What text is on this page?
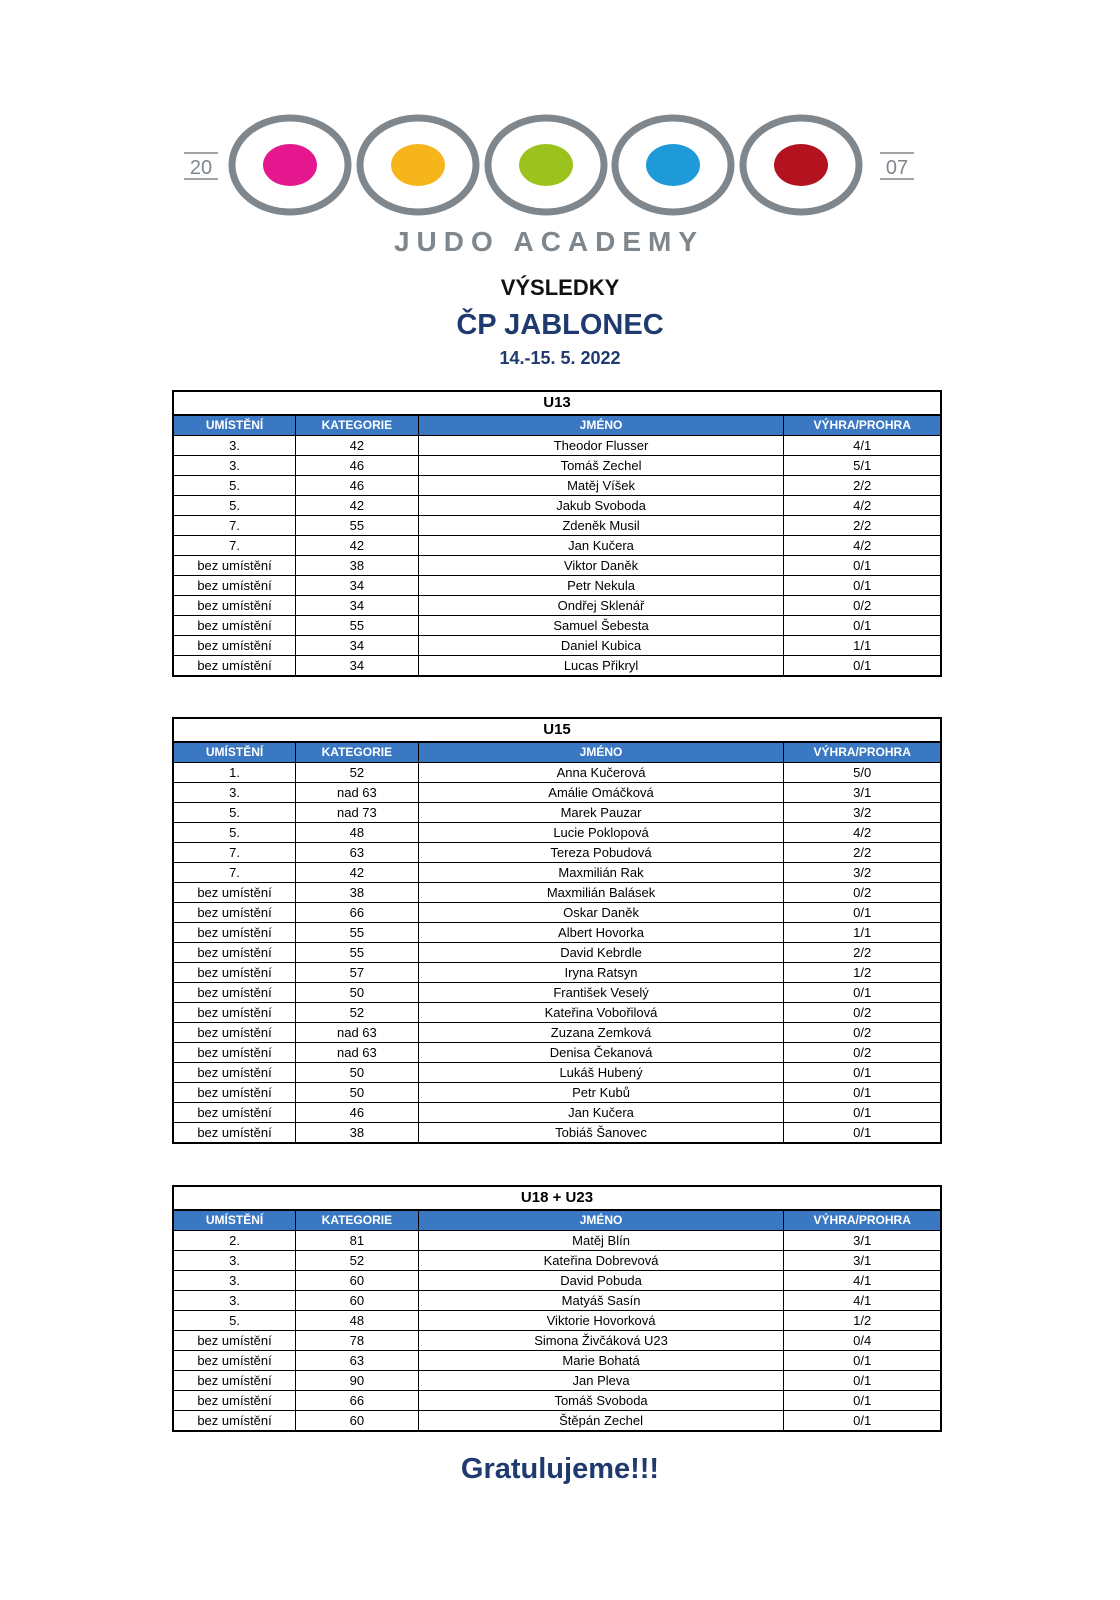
20	07
JUDO ACADEMY
VÝSLEDKY
ČP JABLONEC
14.-15. 5. 2022
U13			
UMÍSTĚNÍ	KATEGORIE	JMÉNO	VÝHRA/PROHRA
3.	42	Theodor Flusser	4/1
3.	46	Tomáš Zechel	5/1
5.	46	Matěj Víšek	2/2
5.	42	Jakub Svoboda	4/2
7.	55	Zdeněk Musil	2/2
7.	42	Jan Kučera	4/2
bez umístění	38	Viktor Daněk	0/1
bez umístění	34	Petr Nekula	0/1
bez umístění	34	Ondřej Sklenář	0/2
bez umístění	55	Samuel Šebesta	0/1
bez umístění	34	Daniel Kubica	1/1
bez umístění	34	Lucas Přikryl	0/1
U15			
UMÍSTĚNÍ	KATEGORIE	JMÉNO	VÝHRA/PROHRA
1.	52	Anna Kučerová	5/0
3.	nad 63	Amálie Omáčková	3/1
5.	nad 73	Marek Pauzar	3/2
5.	48	Lucie Poklopová	4/2
7.	63	Tereza Pobudová	2/2
7.	42	Maxmilián Rak	3/2
bez umístění	38	Maxmilián Balásek	0/2
bez umístění	66	Oskar Daněk	0/1
bez umístění	55	Albert Hovorka	1/1
bez umístění	55	David Kebrdle	2/2
bez umístění	57	Iryna Ratsyn	1/2
bez umístění	50	František Veselý	0/1
bez umístění	52	Kateřina Vobořilová	0/2
bez umístění	nad 63	Zuzana Zemková	0/2
bez umístění	nad 63	Denisa Čekanová	0/2
bez umístění	50	Lukáš Hubený	0/1
bez umístění	50	Petr Kubů	0/1
bez umístění	46	Jan Kučera	0/1
bez umístění	38	Tobiáš Šanovec	0/1
U18 + U23			
UMÍSTĚNÍ	KATEGORIE	JMÉNO	VÝHRA/PROHRA
2.	81	Matěj Blín	3/1
3.	52	Kateřina Dobrevová	3/1
3.	60	David Pobuda	4/1
3.	60	Matyáš Sasín	4/1
5.	48	Viktorie Hovorková	1/2
bez umístění	78	Simona Živčáková U23	0/4
bez umístění	63	Marie Bohatá	0/1
bez umístění	90	Jan Pleva	0/1
bez umístění	66	Tomáš Svoboda	0/1
bez umístění	60	Štěpán Zechel	0/1
Gratulujeme!!!
